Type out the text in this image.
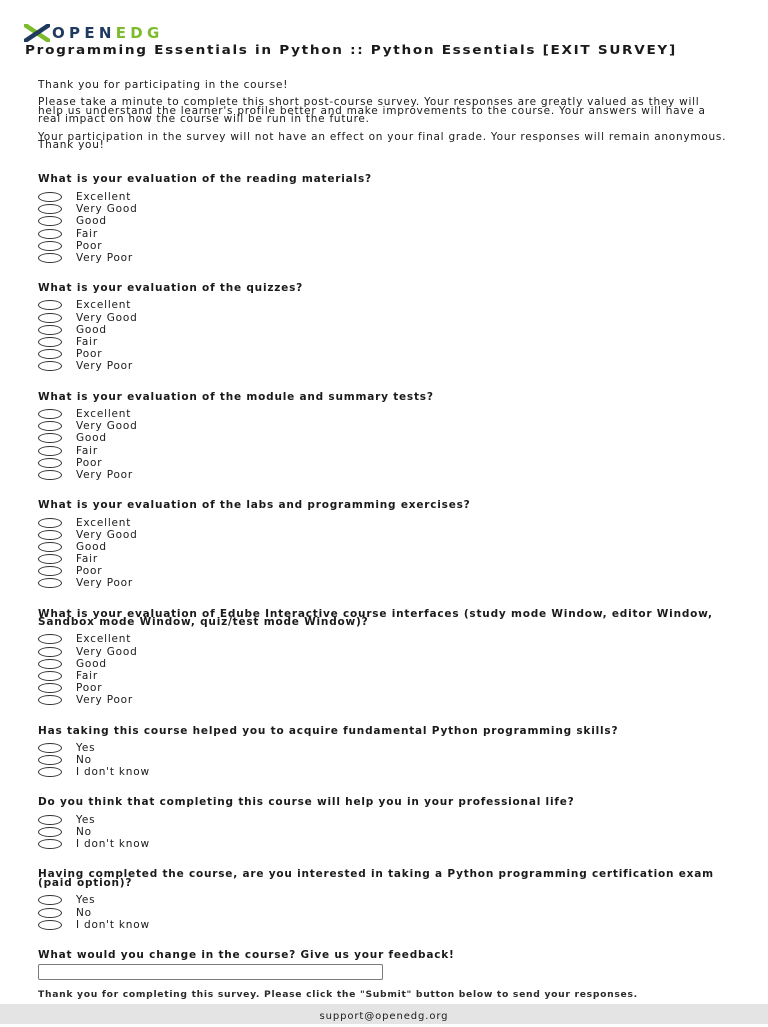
OPENEDG
Programming Essentials in Python :: Python Essentials [EXIT SURVEY]

Thank you for participating in the course!

Please take a minute to complete this short post-course survey. Your responses are greatly valued as they will help us understand the learner's profile better and make improvements to the course. Your answers will have a real impact on how the course will be run in the future.

Your participation in the survey will not have an effect on your final grade. Your responses will remain anonymous. Thank you!

What is your evaluation of the reading materials?
Excellent
Very Good
Good
Fair
Poor
Very Poor
What is your evaluation of the quizzes?
Excellent
Very Good
Good
Fair
Poor
Very Poor
What is your evaluation of the module and summary tests?
Excellent
Very Good
Good
Fair
Poor
Very Poor
What is your evaluation of the labs and programming exercises?
Excellent
Very Good
Good
Fair
Poor
Very Poor
What is your evaluation of Edube Interactive course interfaces (study mode Window, editor Window, Sandbox mode Window, quiz/test mode Window)?
Excellent
Very Good
Good
Fair
Poor
Very Poor
Has taking this course helped you to acquire fundamental Python programming skills?
Yes
No
I don't know
Do you think that completing this course will help you in your professional life?
Yes
No
I don't know
Having completed the course, are you interested in taking a Python programming certification exam (paid option)?
Yes
No
I don't know
What would you change in the course? Give us your feedback!
Thank you for completing this survey. Please click the "Submit" button below to send your responses.
support@openedg.org
